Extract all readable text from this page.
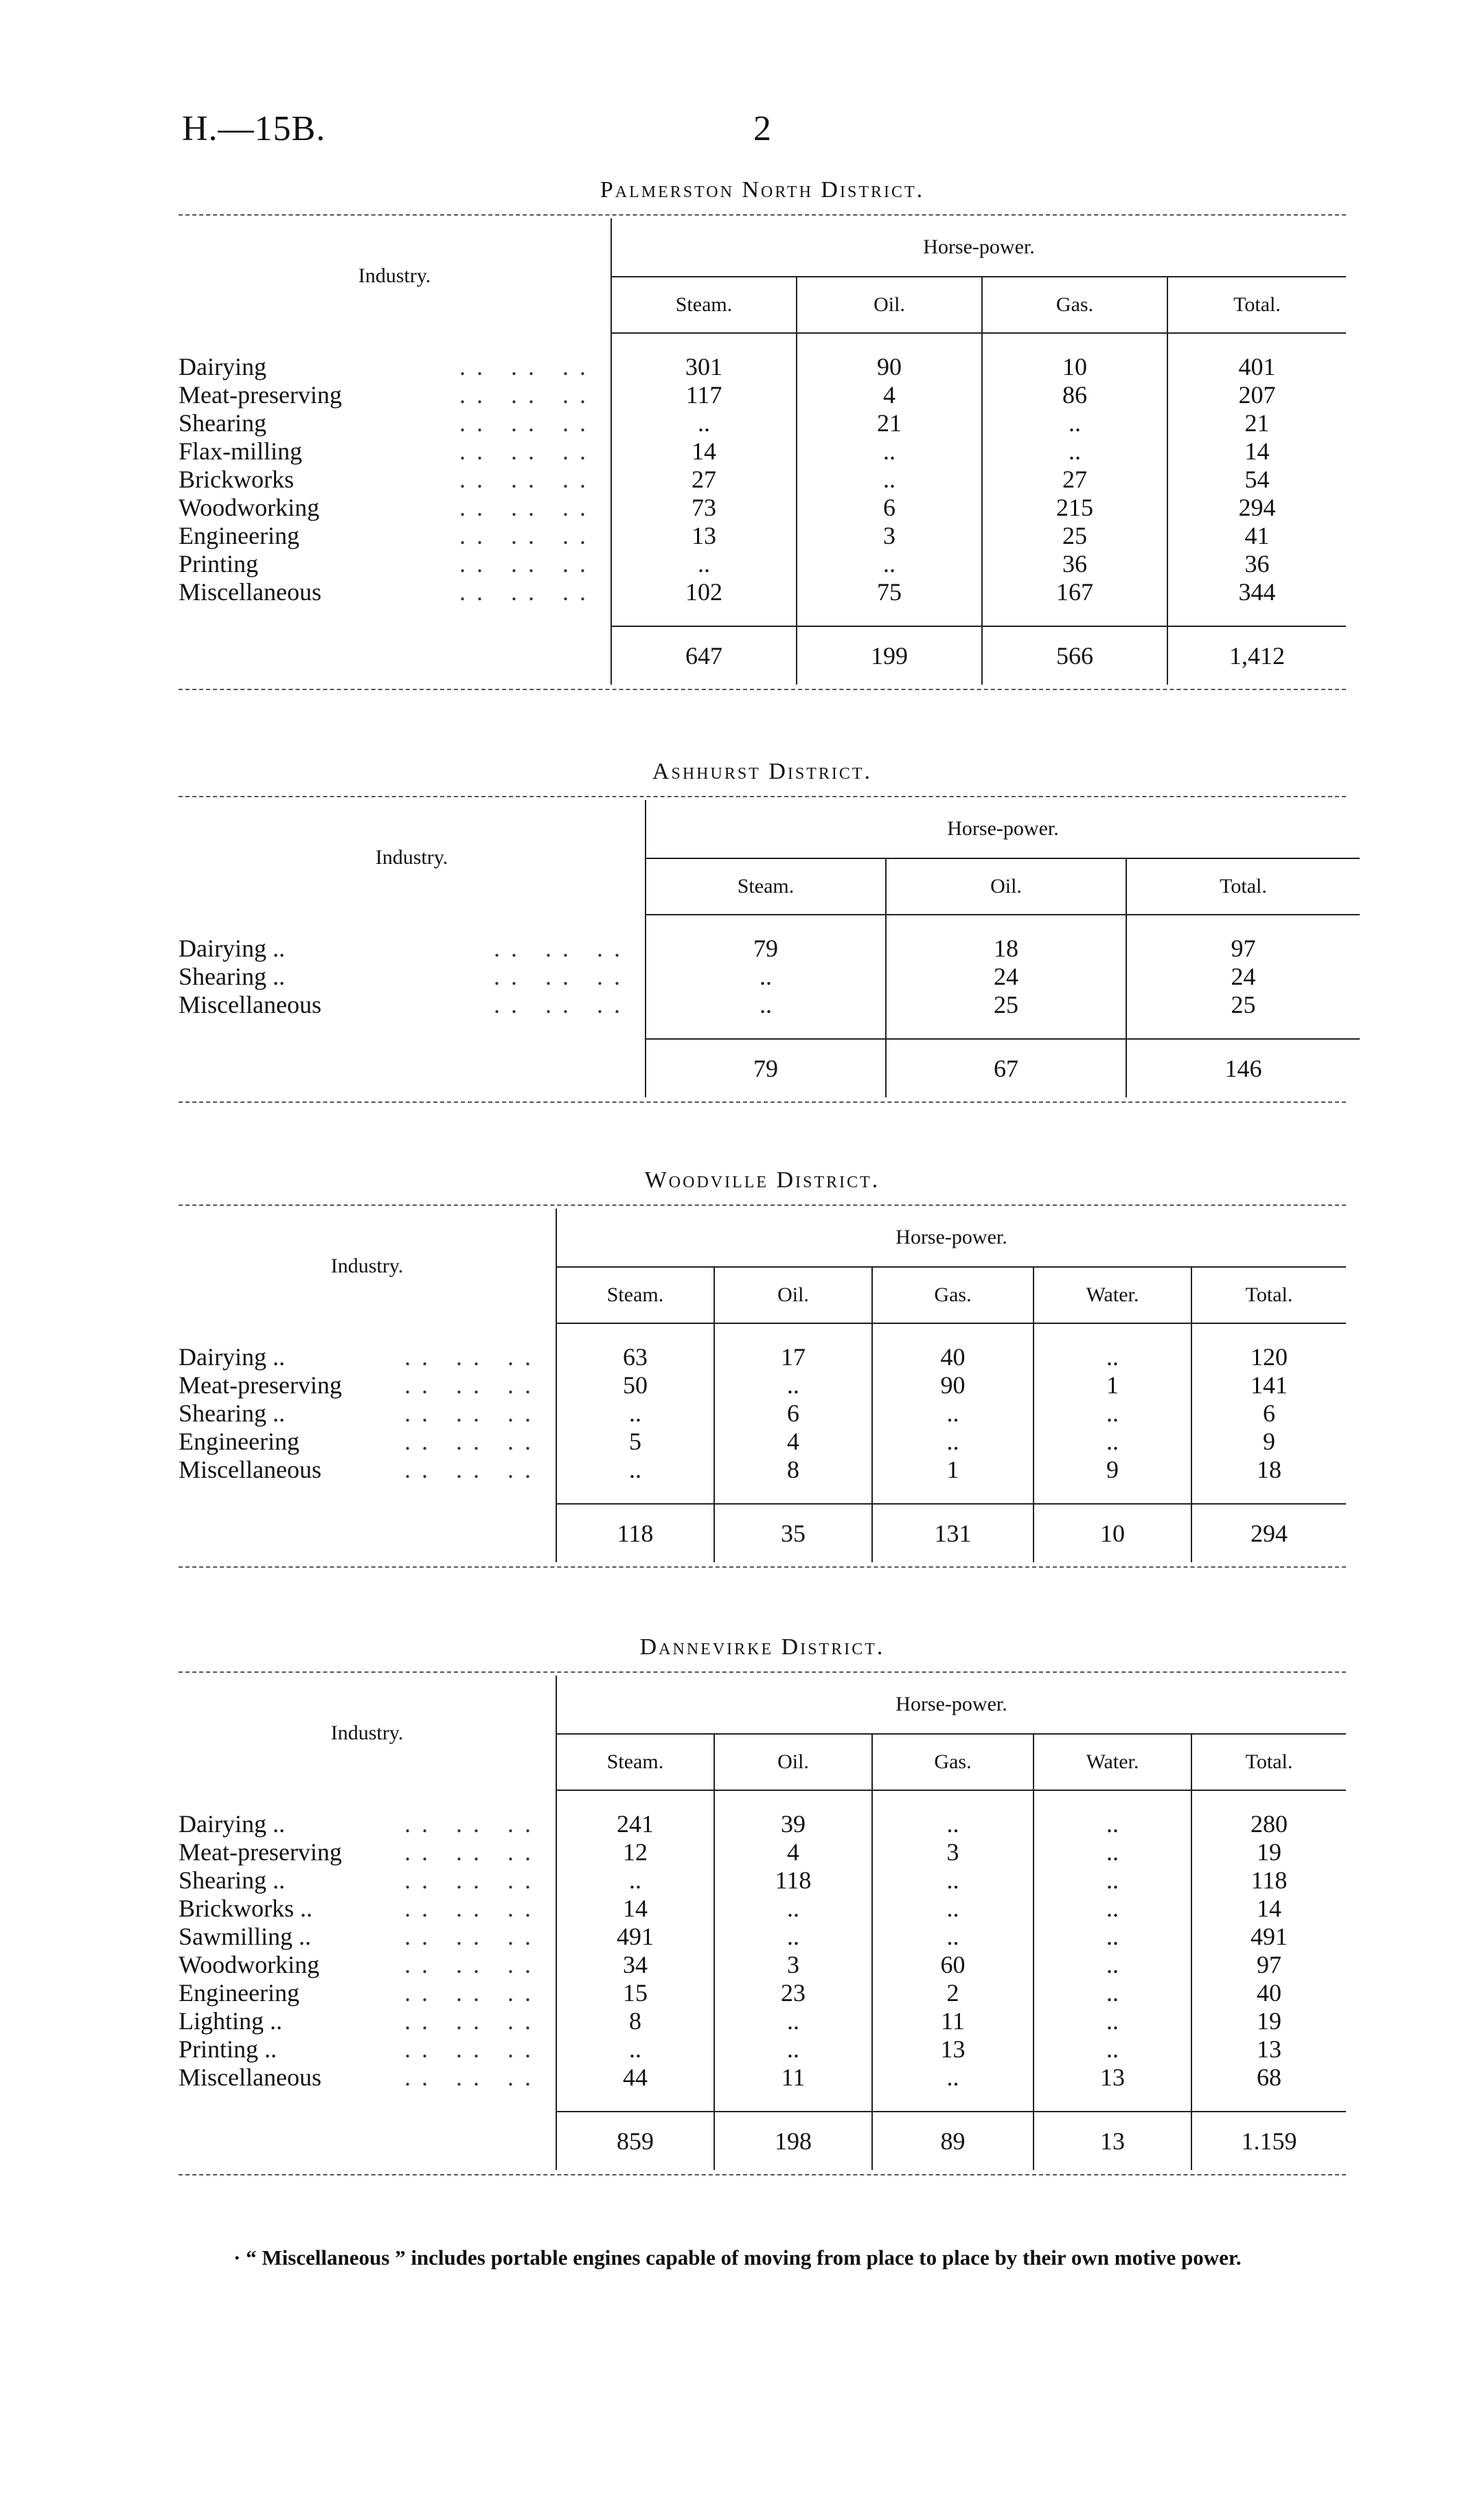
H.—15B.	2
Palmerston North District.
Industry.	Horse-power.			
	Steam.	Oil.	Gas.	Total.

Dairying .. .. ..	301	90	10	401
Meat-preserving .. .. ..	117	4	86	207
Shearing .. .. ..	..	21	..	21
Flax-milling .. .. ..	14	..	..	14
Brickworks .. .. ..	27	..	27	54
Woodworking .. .. ..	73	6	215	294
Engineering .. .. ..	13	3	25	41
Printing .. .. ..	..	..	36	36
Miscellaneous .. .. ..	102	75	167	344

	647	199	566	1,412
Ashhurst District.
Industry.	Horse-power.		
	Steam.	Oil.	Total.

Dairying .. .. .. ..	79	18	97
Shearing .. .. .. ..	..	24	24
Miscellaneous .. .. ..	..	25	25

	79	67	146
Woodville District.
Industry.	Horse-power.				
	Steam.	Oil.	Gas.	Water.	Total.

Dairying .. .. .. ..	63	17	40	..	120
Meat-preserving .. .. ..	50	..	90	1	141
Shearing .. .. .. ..	..	6	..	..	6
Engineering .. .. ..	5	4	..	..	9
Miscellaneous .. .. ..	..	8	1	9	18

	118	35	131	10	294
Dannevirke District.
Industry.	Horse-power.				
	Steam.	Oil.	Gas.	Water.	Total.

Dairying .. .. .. ..	241	39	..	..	280
Meat-preserving .. .. ..	12	4	3	..	19
Shearing .. .. .. ..	..	118	..	..	118
Brickworks .. .. .. ..	14	..	..	..	14
Sawmilling .. .. .. ..	491	..	..	..	491
Woodworking .. .. ..	34	3	60	..	97
Engineering .. .. ..	15	23	2	..	40
Lighting .. .. .. ..	8	..	11	..	19
Printing .. .. .. ..	..	..	13	..	13
Miscellaneous .. .. ..	44	11	..	13	68

	859	198	89	13	1.159
· “ Miscellaneous ” includes portable engines capable of moving from place to place by their own motive power.
